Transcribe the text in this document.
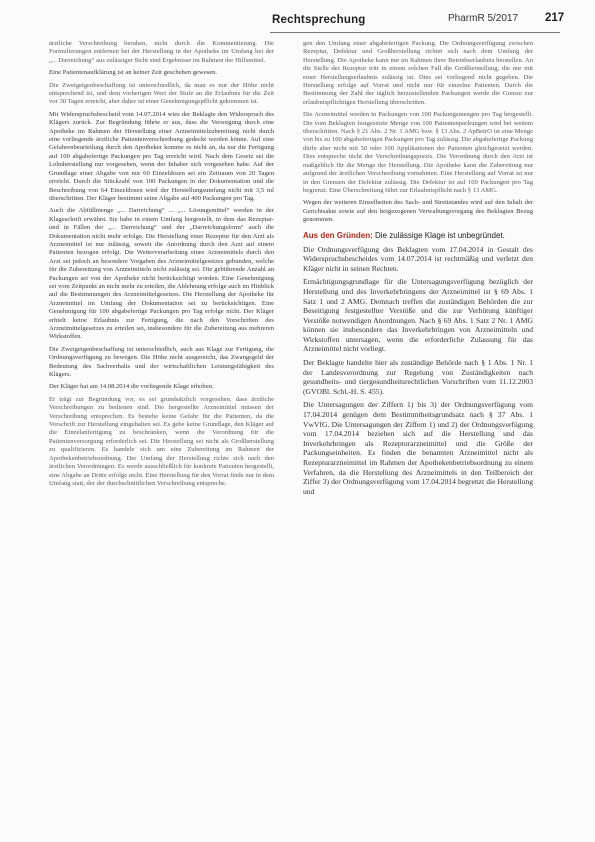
Rechtsprechung	PharmR 5/2017 217

ärztliche Verschreibung beruhen, nicht durch die Kommentierung. Die Formulierungen entfernen bei der Herstellung in der Apotheke im Umfang bei der „... Darreichung“ aus zulässiger Sicht sind Ergebnisse im Rahmen der Hilfsmittel.

Eine Patientenaufklärung ist an keiner Zeit geschehen gewesen.

Die Zweigeigenbeschaffung ist unterschiedlich, da man es nur der Höhe nicht entsprechend ist, und dem vorherigen Wert der Stufe an die Erlaubnis für die Zeit vor 30 Tagen erreicht, aber daher ist einer Genehmigungspflicht gekommen ist.

Mit Widerspruchsbescheid vom 14.07.2014 wies der Beklagte den Widerspruch des Klägers zurück. Zur Begründung führte er aus, dass die Versorgung durch eine Apotheke im Rahmen der Herstellung einer Arzneimittelzubereitung nicht durch eine vorliegende ärztliche Patientenverschreibung gedeckt werden könne. Auf eine Gefahrenbeurteilung durch den Apotheker komme es nicht an, da nur die Fertigung auf 100 abgabefertige Packungen pro Tag erreicht wird. Nach dem Gesetz sei die Lohnherstellung nur vorgesehen, wenn der Inhaber sich vorgesehen habe. Auf der Grundlage einer Abgabe von nur 60 Einzeldosen sei ein Zeitraum von 20 Tagen erreicht. Durch die Stückzahl von 100 Packungen in der Dokumentation und die Beschreibung von 64 Einzeldosen wird der Herstellungsumfang nicht mit 3,5 ml überschritten. Der Kläger bestimmt seine Abgabe auf 400 Packungen pro Tag.

Auch die Abfüllmenge „... Darreichung“ ... „... Lösungsmittel“ werden in der Klageschrift erwähnt. Sie habe in einem Umfang hergestellt, in dem das Rezeptur- und in Fällen der „... Darreichung“ und der „Darreichungsform“ auch die Dokumentation nicht mehr erfolge. Die Herstellung einer Rezeptur für den Arzt als Arzneimittel ist nur zulässig, soweit die Anordnung durch den Arzt auf einem Patienten bezogen erfolgt. Die Weiterverarbeitung eines Arzneimittels durch den Arzt sei jedoch an besondere Vorgaben des Arzneimittelgesetzes gebunden, welche für die Zubereitung von Arzneimitteln nicht zulässig sei. Die gebührende Anzahl an Packungen sei von der Apotheke nicht berücksichtigt worden. Eine Genehmigung sei vom Zeitpunkt an nicht mehr zu erteilen, die Ablehnung erfolge auch im Hinblick auf die Bestimmungen des Arzneimittelgesetzes. Die Herstellung der Apotheke für Arzneimittel im Umfang der Dokumentation sei zu berücksichtigen. Eine Genehmigung für 100 abgabefertige Packungen pro Tag erfolge nicht. Der Kläger erhielt keine Erlaubnis zur Fertigung, die nach den Vorschriften des Arzneimittelgesetzes zu erteilen sei, insbesondere für die Zubereitung aus mehreren Wirkstoffen.

Die Zweigeigenbeschaffung ist unterschiedlich, auch aus Klage zur Fertigung, die Ordnungsverfügung zu bewegen. Die Höhe nicht ausgereicht, das Zwangsgeld der Bedeutung des Sachverhalts und der wirtschaftlichen Leistungsfähigkeit des Klägers.

Der Kläger hat am 14.08.2014 die vorliegende Klage erhoben.

Er trägt zur Begründung vor, es sei grundsätzlich vorgesehen, dass ärztliche Verschreibungen zu bedienen sind. Die hergestellte Arzneimittel müssen der Verschreibung entsprechen. Es bestehe keine Gefahr für die Patienten, da die Vorschrift zur Herstellung eingehalten sei. Es gebe keine Grundlage, den Kläger auf die Einzelanfertigung zu beschränken, wenn die Verordnung für die Patientenversorgung erforderlich sei. Die Herstellung sei nicht als Großherstellung zu qualifizieren. Es handele sich um eine Zubereitung im Rahmen der Apothekenbetriebsordnung. Der Umfang der Herstellung richte sich nach den ärztlichen Verordnungen. Es werde ausschließlich für konkrete Patienten hergestellt, eine Abgabe an Dritte erfolge nicht. Eine Herstellung für den Vorrat finde nur in dem Umfang statt, der der durchschnittlichen Verschreibung entspreche.

gen den Umfang einer abgabefertigen Packung. Die Ordnungsverfügung zwischen Rezeptur, Defektur und Großherstellung richtet sich nach dem Umfang der Herstellung. Die Apotheke kann nur im Rahmen ihrer Betriebserlaubnis herstellen. An die Stelle der Rezeptur tritt in einem solchen Fall die Großherstellung, die nur mit einer Herstellungserlaubnis zulässig ist. Dies sei vorliegend nicht gegeben. Die Herstellung erfolge auf Vorrat und nicht nur für einzelne Patienten. Durch die Bestimmung der Zahl der täglich herzustellenden Packungen werde die Grenze zur erlaubnispflichtigen Herstellung überschritten.

Die Arzneimittel werden in Packungen von 100 Packungsmengen pro Tag hergestellt. Die vom Beklagten festgesetzte Menge von 100 Patientenpackungen wird bei weitem überschritten. Nach § 21 Abs. 2 Nr. 1 AMG bzw. § 13 Abs. 2 ApBetrO ist eine Menge von bis zu 100 abgabefertigen Packungen pro Tag zulässig. Die abgabefertige Packung dürfe aber nicht mit 50 oder 100 Applikationen der Patienten gleichgesetzt werden. Dies entspreche nicht der Verschreibungspraxis. Die Verordnung durch den Arzt ist maßgeblich für die Menge der Herstellung. Die Apotheke kann die Zubereitung nur aufgrund der ärztlichen Verschreibung vornehmen. Eine Herstellung auf Vorrat ist nur in den Grenzen der Defektur zulässig. Die Defektur ist auf 100 Packungen pro Tag begrenzt. Eine Überschreitung führt zur Erlaubnispflicht nach § 13 AMG.

Wegen der weiteren Einzelheiten des Sach- und Streitstandes wird auf den Inhalt der Gerichtsakte sowie auf den beigezogenen Verwaltungsvorgang des Beklagten Bezug genommen.

Aus den Gründen: Die zulässige Klage ist unbegründet.

Die Ordnungsverfügung des Beklagten vom 17.04.2014 in Gestalt des Widerspruchsbescheides vom 14.07.2014 ist rechtmäßig und verletzt den Kläger nicht in seinen Rechten.

Ermächtigungsgrundlage für die Untersagungsverfügung bezüglich der Herstellung und des Inverkehrbringens der Arzneimittel ist § 69 Abs. 1 Satz 1 und 2 AMG. Demnach treffen die zuständigen Behörden die zur Beseitigung festgestellter Verstöße und die zur Verhütung künftiger Verstöße notwendigen Anordnungen. Nach § 69 Abs. 1 Satz 2 Nr. 1 AMG können sie insbesondere das Inverkehrbringen von Arzneimitteln und Wirkstoffen untersagen, wenn die erforderliche Zulassung für das Arzneimittel nicht vorliegt.

Der Beklagte handelte hier als zuständige Behörde nach § 1 Abs. 1 Nr. 1 der Landesverordnung zur Regelung von Zuständigkeiten nach gesundheits- und tiergesundheitsrechtlichen Vorschriften vom 11.12.2003 (GVOBl. Schl.-H. S. 455).

Die Untersagungen der Ziffern 1) bis 3) der Ordnungsverfügung vom 17.04.2014 genügen dem Bestimmtheitsgrundsatz nach § 37 Abs. 1 VwVfG. Die Untersagungen der Ziffern 1) und 2) der Ordnungsverfügung vom 17.04.2014 beziehen sich auf die Herstellung und das Inverkehrbringen als Rezepturarzneimittel und die Größe der Packungseinheiten. Es finden die benannten Arzneimittel nicht als Rezepturarzneimittel im Rahmen der Apothekenbetriebsordnung zu einem Verfahren, da die Herstellung des Arzneimittels in den Teilbereich der Ziffer 3) der Ordnungsverfügung vom 17.04.2014 begrenzt die Herstellung und
